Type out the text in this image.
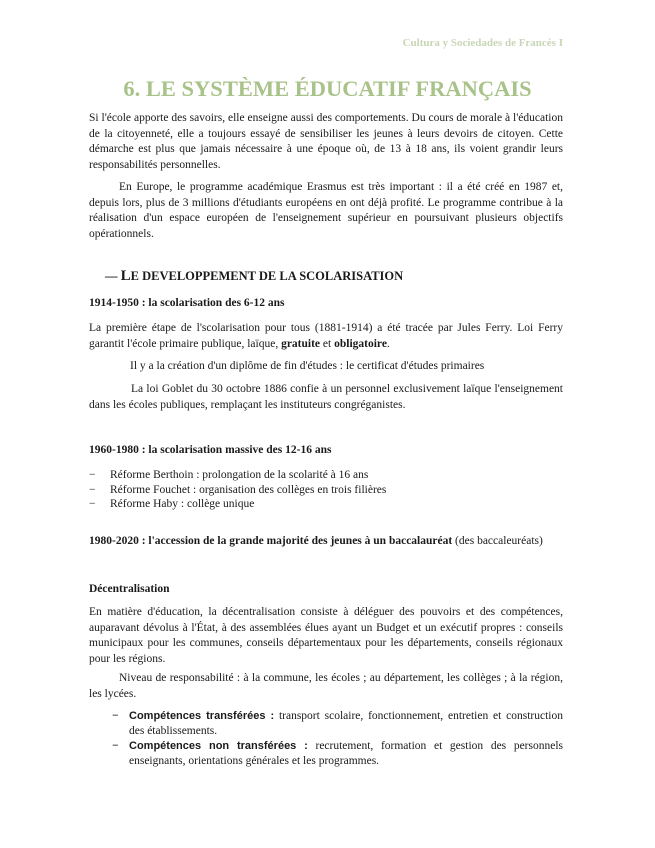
Cultura y Sociedades de Francés I
6. LE SYSTÈME ÉDUCATIF FRANÇAIS

Si l'école apporte des savoirs, elle enseigne aussi des comportements. Du cours de morale à l'éducation de la citoyenneté, elle a toujours essayé de sensibiliser les jeunes à leurs devoirs de citoyen. Cette démarche est plus que jamais nécessaire à une époque où, de 13 à 18 ans, ils voient grandir leurs responsabilités personnelles.

En Europe, le programme académique Erasmus est très important : il a été créé en 1987 et, depuis lors, plus de 3 millions d'étudiants européens en ont déjà profité. Le programme contribue à la réalisation d'un espace européen de l'enseignement supérieur en poursuivant plusieurs objectifs opérationnels.

— LE DEVELOPPEMENT DE LA SCOLARISATION
1914-1950 : la scolarisation des 6-12 ans

La première étape de l'scolarisation pour tous (1881-1914) a été tracée par Jules Ferry. Loi Ferry garantit l'école primaire publique, laïque, gratuite et obligatoire.

Il y a la création d'un diplôme de fin d'études : le certificat d'études primaires

La loi Goblet du 30 octobre 1886 confie à un personnel exclusivement laïque l'enseignement dans les écoles publiques, remplaçant les instituteurs congréganistes.

1960-1980 : la scolarisation massive des 12-16 ans
− Réforme Berthoin : prolongation de la scolarité à 16 ans
− Réforme Fouchet : organisation des collèges en trois filières
− Réforme Haby : collège unique
1980-2020 : l'accession de la grande majorité des jeunes à un baccalauréat (des baccaleuréats)
Décentralisation

En matière d'éducation, la décentralisation consiste à déléguer des pouvoirs et des compétences, auparavant dévolus à l'État, à des assemblées élues ayant un Budget et un exécutif propres : conseils municipaux pour les communes, conseils départementaux pour les départements, conseils régionaux pour les régions.

Niveau de responsabilité : à la commune, les écoles ; au département, les collèges ; à la région, les lycées.

− Compétences transférées : transport scolaire, fonctionnement, entretien et construction des établissements.
− Compétences non transférées : recrutement, formation et gestion des personnels enseignants, orientations générales et les programmes.
